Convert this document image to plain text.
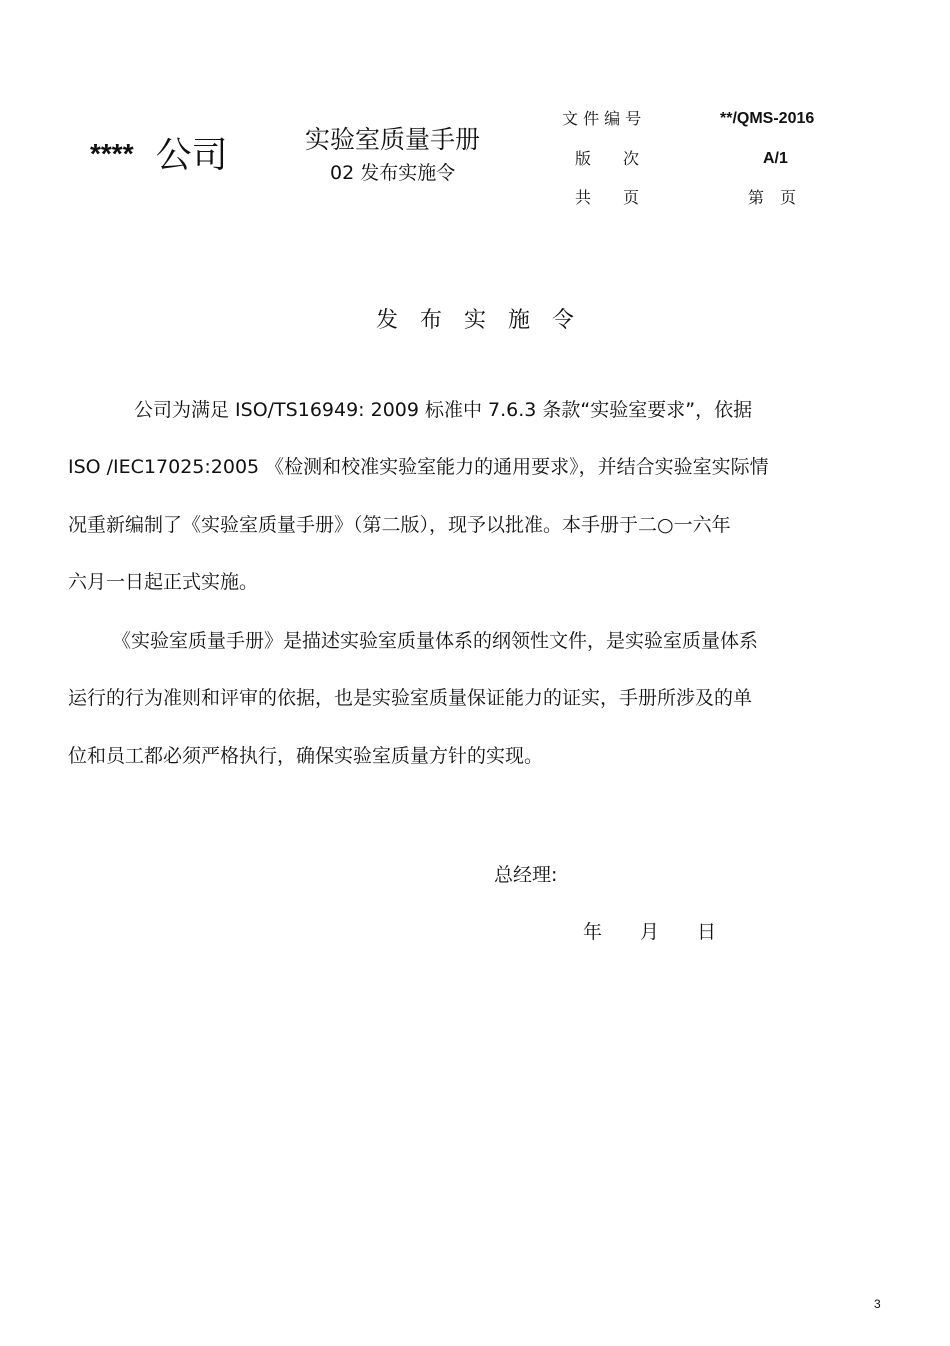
**** 公司	实验室质量手册
02 发布实施令
文 件 编 号	**/QMS-2016
版　　次	A/1
共　　页	第　页
发　布　实　施　令
公司为满足 ISO/TS16949: 2009 标准中 7.6.3 条款“实验室要求”，依据
ISO /IEC17025:2005 《检测和校准实验室能力的通用要求》，并结合实验室实际情
况重新编制了《实验室质量手册》（第二版），现予以批准。本手册于二○一六年
六月一日起正式实施。
《实验室质量手册》是描述实验室质量体系的纲领性文件，是实验室质量体系
运行的行为准则和评审的依据，也是实验室质量保证能力的证实，手册所涉及的单
位和员工都必须严格执行，确保实验室质量方针的实现。
总经理:
年　　月　　日
3
